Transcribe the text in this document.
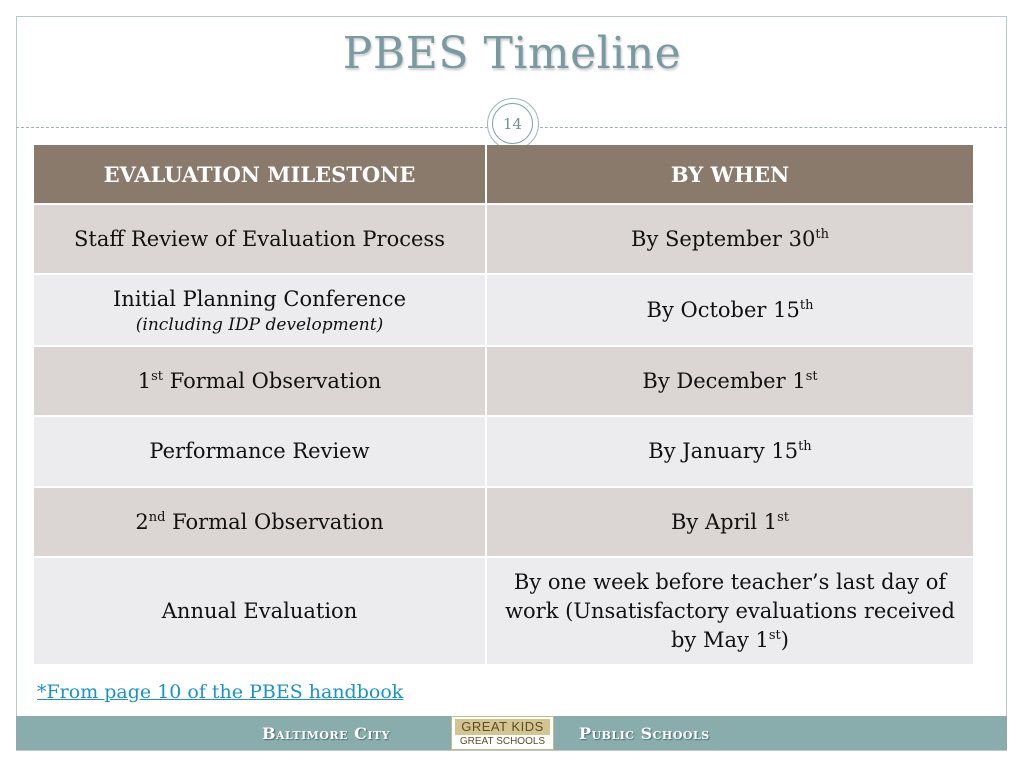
PBES Timeline
14
EVALUATION MILESTONE	BY WHEN
Staff Review of Evaluation Process	By September 30th
Initial Planning Conference
(including IDP development)	By October 15th
1st Formal Observation	By December 1st
Performance Review	By January 15th
2nd Formal Observation	By April 1st
Annual Evaluation	By one week before teacher’s last day of work (Unsatisfactory evaluations received by May 1st)
*From page 10 of the PBES handbook
Baltimore City	GREAT KIDS
GREAT SCHOOLS	Public Schools
